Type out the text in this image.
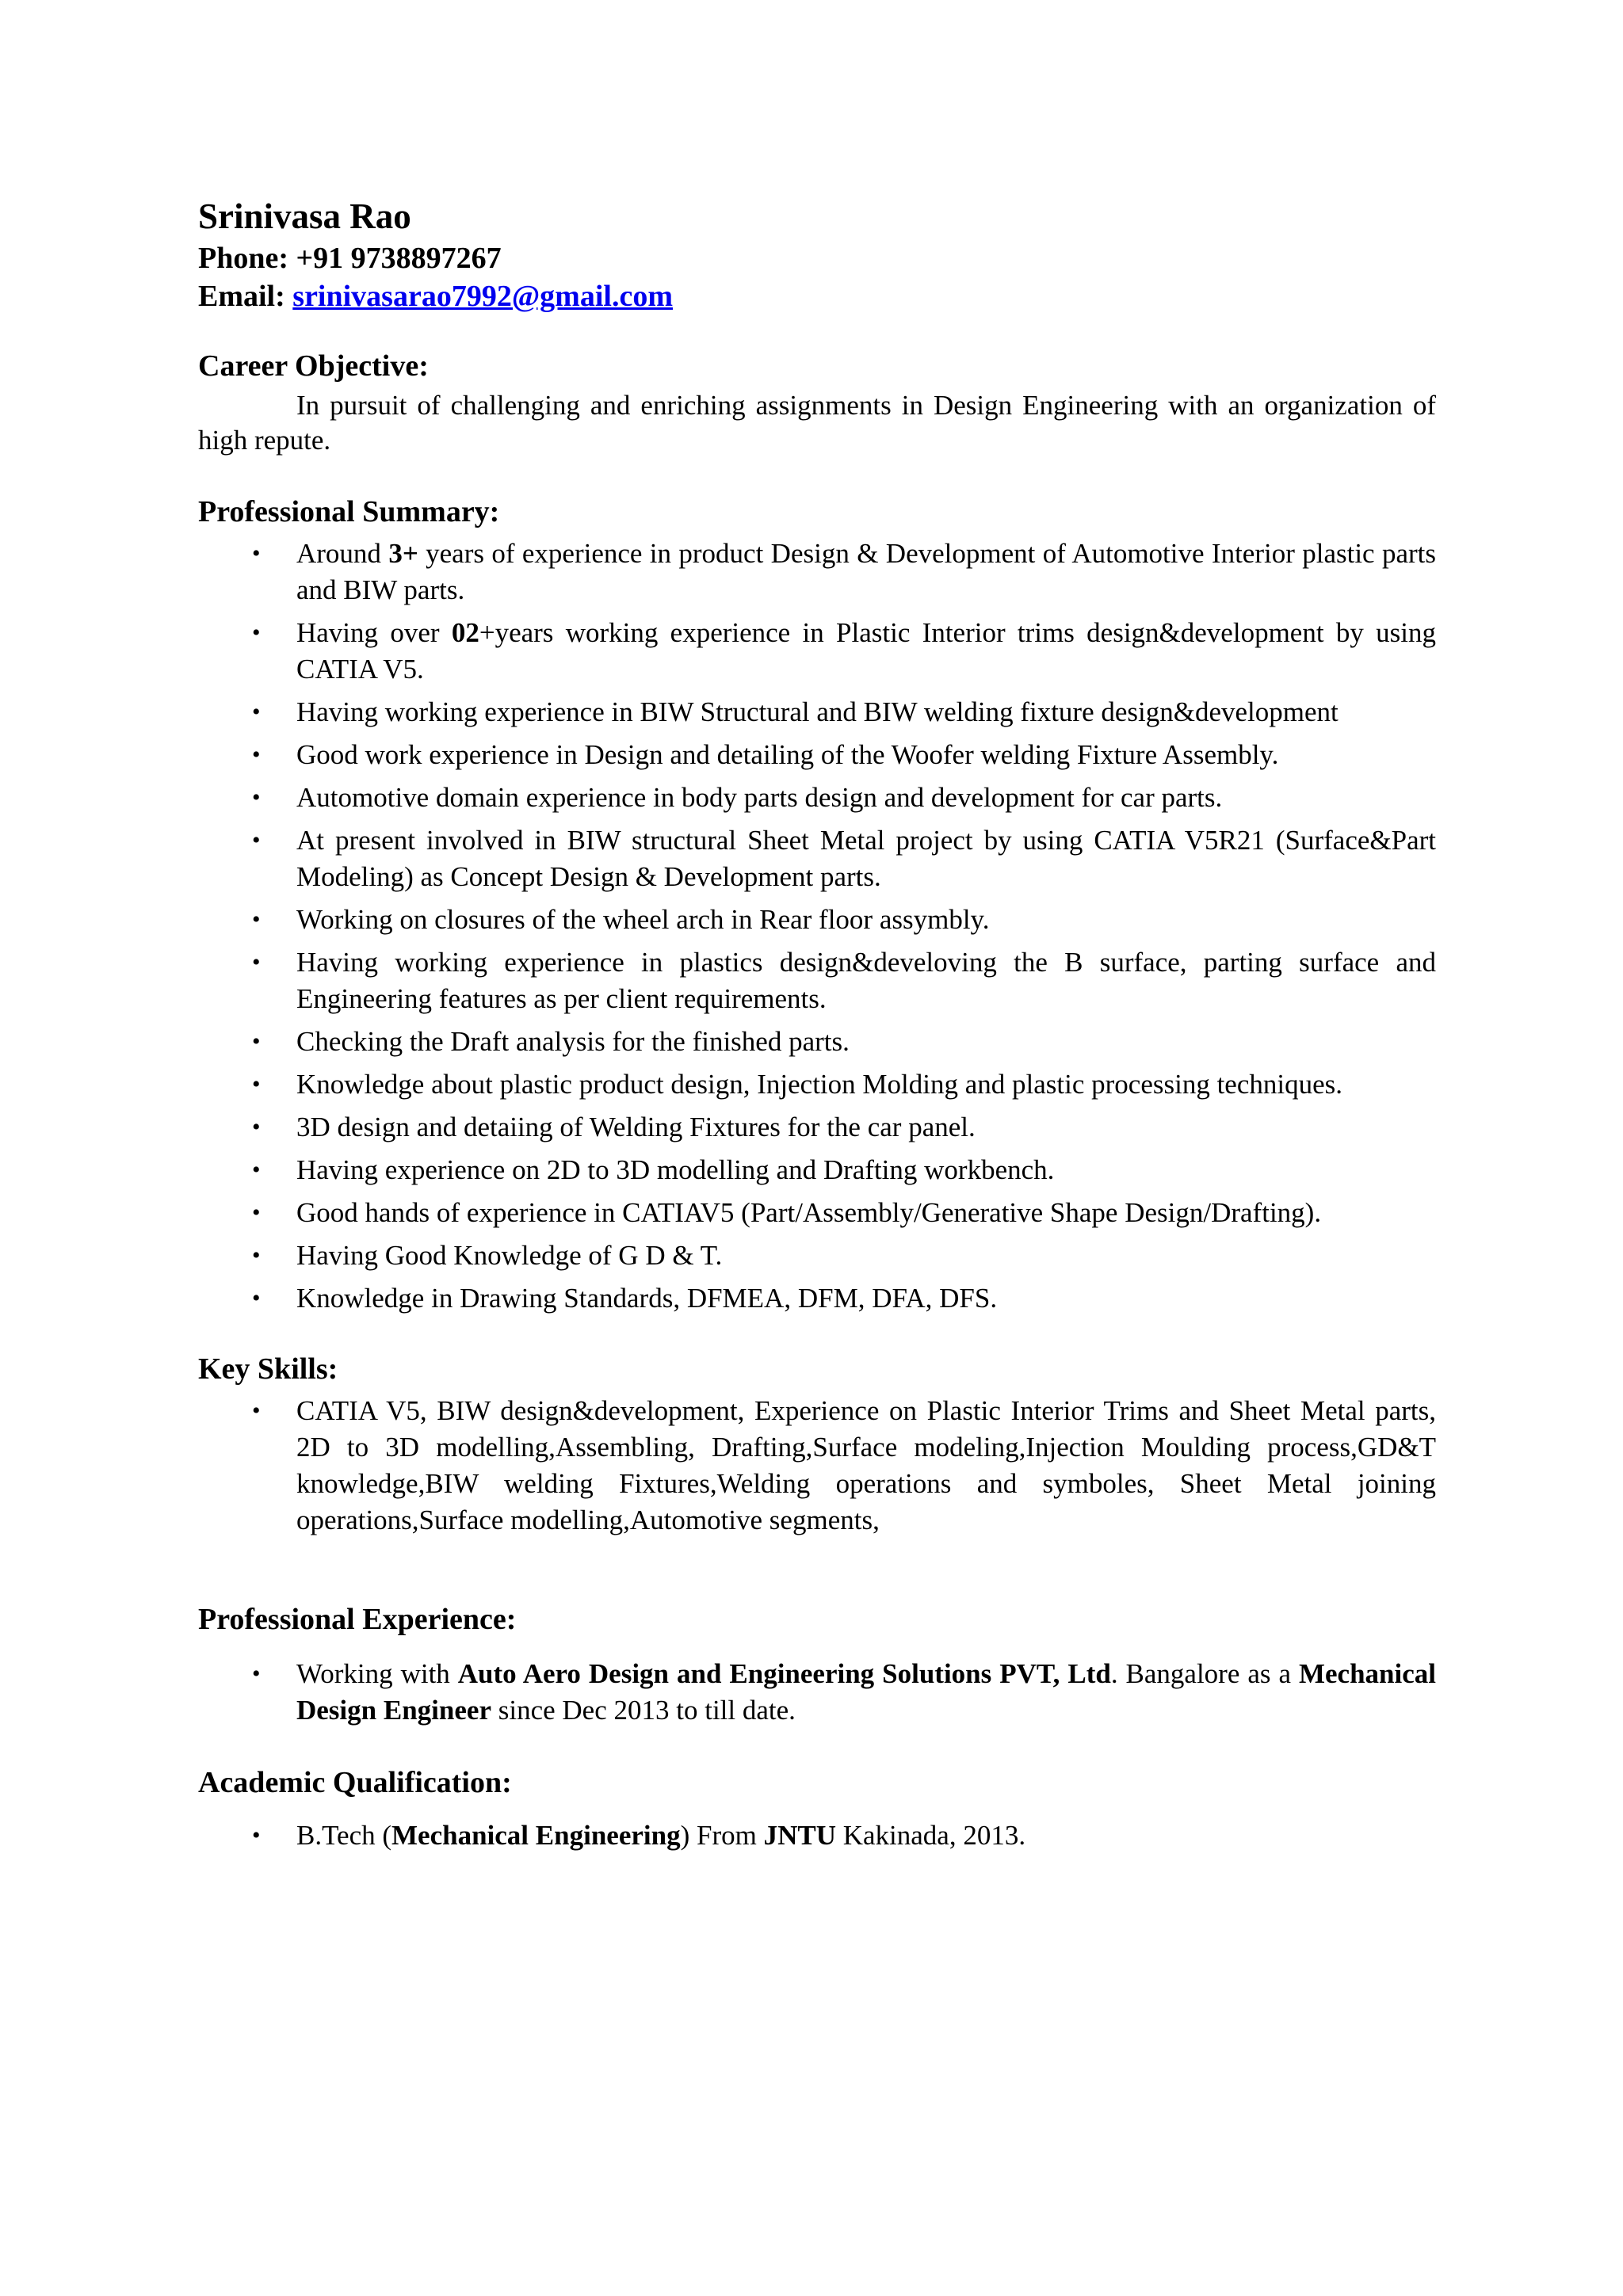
Srinivasa Rao

Phone: +91 9738897267

Email: srinivasarao7992@gmail.com

Career Objective:

In pursuit of challenging and enriching assignments in Design Engineering with an organization of high repute.

Professional Summary:

• Around 3+ years of experience in product Design & Development of Automotive Interior plastic parts and BIW parts.
• Having over 02+years working experience in Plastic Interior trims design&development by using CATIA V5.
• Having working experience in BIW Structural and BIW welding fixture design&development
• Good work experience in Design and detailing of the Woofer welding Fixture Assembly.
• Automotive domain experience in body parts design and development for car parts.
• At present involved in BIW structural Sheet Metal project by using CATIA V5R21 (Surface&Part Modeling) as Concept Design & Development parts.
• Working on closures of the wheel arch in Rear floor assymbly.
• Having working experience in plastics design&develoving the B surface, parting surface and Engineering features as per client requirements.
• Checking the Draft analysis for the finished parts.
• Knowledge about plastic product design, Injection Molding and plastic processing techniques.
• 3D design and detaiing of Welding Fixtures for the car panel.
• Having experience on 2D to 3D modelling and Drafting workbench.
• Good hands of experience in CATIAV5 (Part/Assembly/Generative Shape Design/Drafting).
• Having Good Knowledge of G D & T.
• Knowledge in Drawing Standards, DFMEA, DFM, DFA, DFS.

Key Skills:

• CATIA V5, BIW design&development, Experience on Plastic Interior Trims and Sheet Metal parts, 2D to 3D modelling,Assembling, Drafting,Surface modeling,Injection Moulding process,GD&T knowledge,BIW welding Fixtures,Welding operations and symboles, Sheet Metal joining operations,Surface modelling,Automotive segments,

Professional Experience:

• Working with Auto Aero Design and Engineering Solutions PVT, Ltd. Bangalore as a Mechanical Design Engineer since Dec 2013 to till date.

Academic Qualification:

• B.Tech (Mechanical Engineering) From JNTU Kakinada, 2013.
